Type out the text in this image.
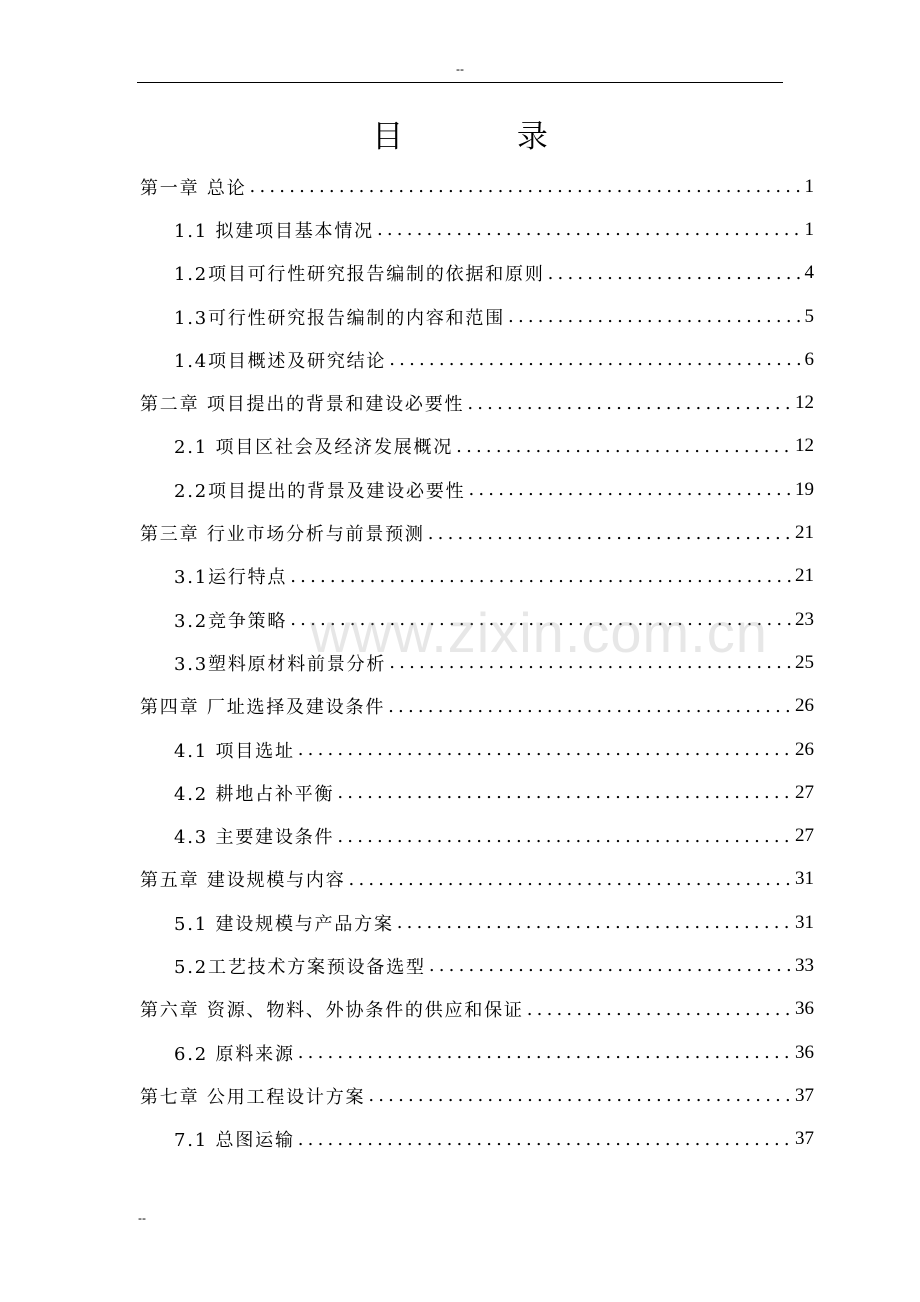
--
目 录
第一章 总论 .....	1
1.1 拟建项目基本情况 .....	1
1.2项目可行性研究报告编制的依据和原则 .....	4
1.3可行性研究报告编制的内容和范围 .....	5
1.4项目概述及研究结论 .....	6
第二章 项目提出的背景和建设必要性 .....	12
2.1 项目区社会及经济发展概况 .....	12
2.2项目提出的背景及建设必要性 .....	19
第三章 行业市场分析与前景预测 .....	21
3.1运行特点 .....	21
3.2竞争策略 .....	23
3.3塑料原材料前景分析 .....	25
第四章 厂址选择及建设条件 .....	26
4.1 项目选址 .....	26
4.2 耕地占补平衡 .....	27
4.3 主要建设条件 .....	27
第五章 建设规模与内容 .....	31
5.1 建设规模与产品方案 .....	31
5.2工艺技术方案预设备选型 .....	33
第六章 资源、物料、外协条件的供应和保证 .....	36
6.2 原料来源 .....	36
第七章 公用工程设计方案 .....	37
7.1 总图运输 .....	37
www.zixin.com.cn
--
